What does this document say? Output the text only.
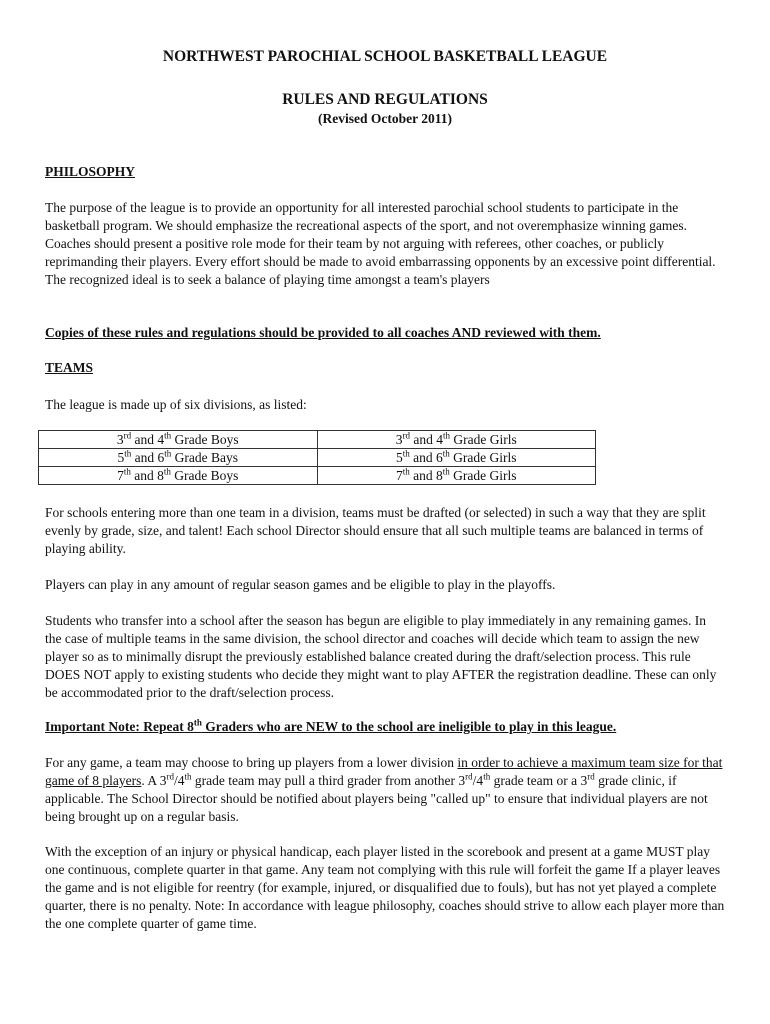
NORTHWEST PAROCHIAL SCHOOL BASKETBALL LEAGUE
RULES AND REGULATIONS
(Revised October 2011)
PHILOSOPHY
The purpose of the league is to provide an opportunity for all interested parochial school students to participate in the basketball program. We should emphasize the recreational aspects of the sport, and not overemphasize winning games. Coaches should present a positive role mode for their team by not arguing with referees, other coaches, or publicly reprimanding their players. Every effort should be made to avoid embarrassing opponents by an excessive point differential. The recognized ideal is to seek a balance of playing time amongst a team's players
Copies of these rules and regulations should be provided to all coaches AND reviewed with them.
TEAMS
The league is made up of six divisions, as listed:
3rd and 4th Grade Boys	3rd and 4th Grade Girls
5th and 6th Grade Bays	5th and 6th Grade Girls
7th and 8th Grade Boys	7th and 8th Grade Girls
For schools entering more than one team in a division, teams must be drafted (or selected) in such a way that they are split evenly by grade, size, and talent! Each school Director should ensure that all such multiple teams are balanced in terms of playing ability.
Players can play in any amount of regular season games and be eligible to play in the playoffs.
Students who transfer into a school after the season has begun are eligible to play immediately in any remaining games. In the case of multiple teams in the same division, the school director and coaches will decide which team to assign the new player so as to minimally disrupt the previously established balance created during the draft/selection process. This rule DOES NOT apply to existing students who decide they might want to play AFTER the registration deadline. These can only be accommodated prior to the draft/selection process.
Important Note: Repeat 8th Graders who are NEW to the school are ineligible to play in this league.
For any game, a team may choose to bring up players from a lower division in order to achieve a maximum team size for that game of 8 players. A 3rd/4th grade team may pull a third grader from another 3rd/4th grade team or a 3rd grade clinic, if applicable. The School Director should be notified about players being "called up" to ensure that individual players are not being brought up on a regular basis.
With the exception of an injury or physical handicap, each player listed in the scorebook and present at a game MUST play one continuous, complete quarter in that game. Any team not complying with this rule will forfeit the game If a player leaves the game and is not eligible for reentry (for example, injured, or disqualified due to fouls), but has not yet played a complete quarter, there is no penalty. Note: In accordance with league philosophy, coaches should strive to allow each player more than the one complete quarter of game time.
